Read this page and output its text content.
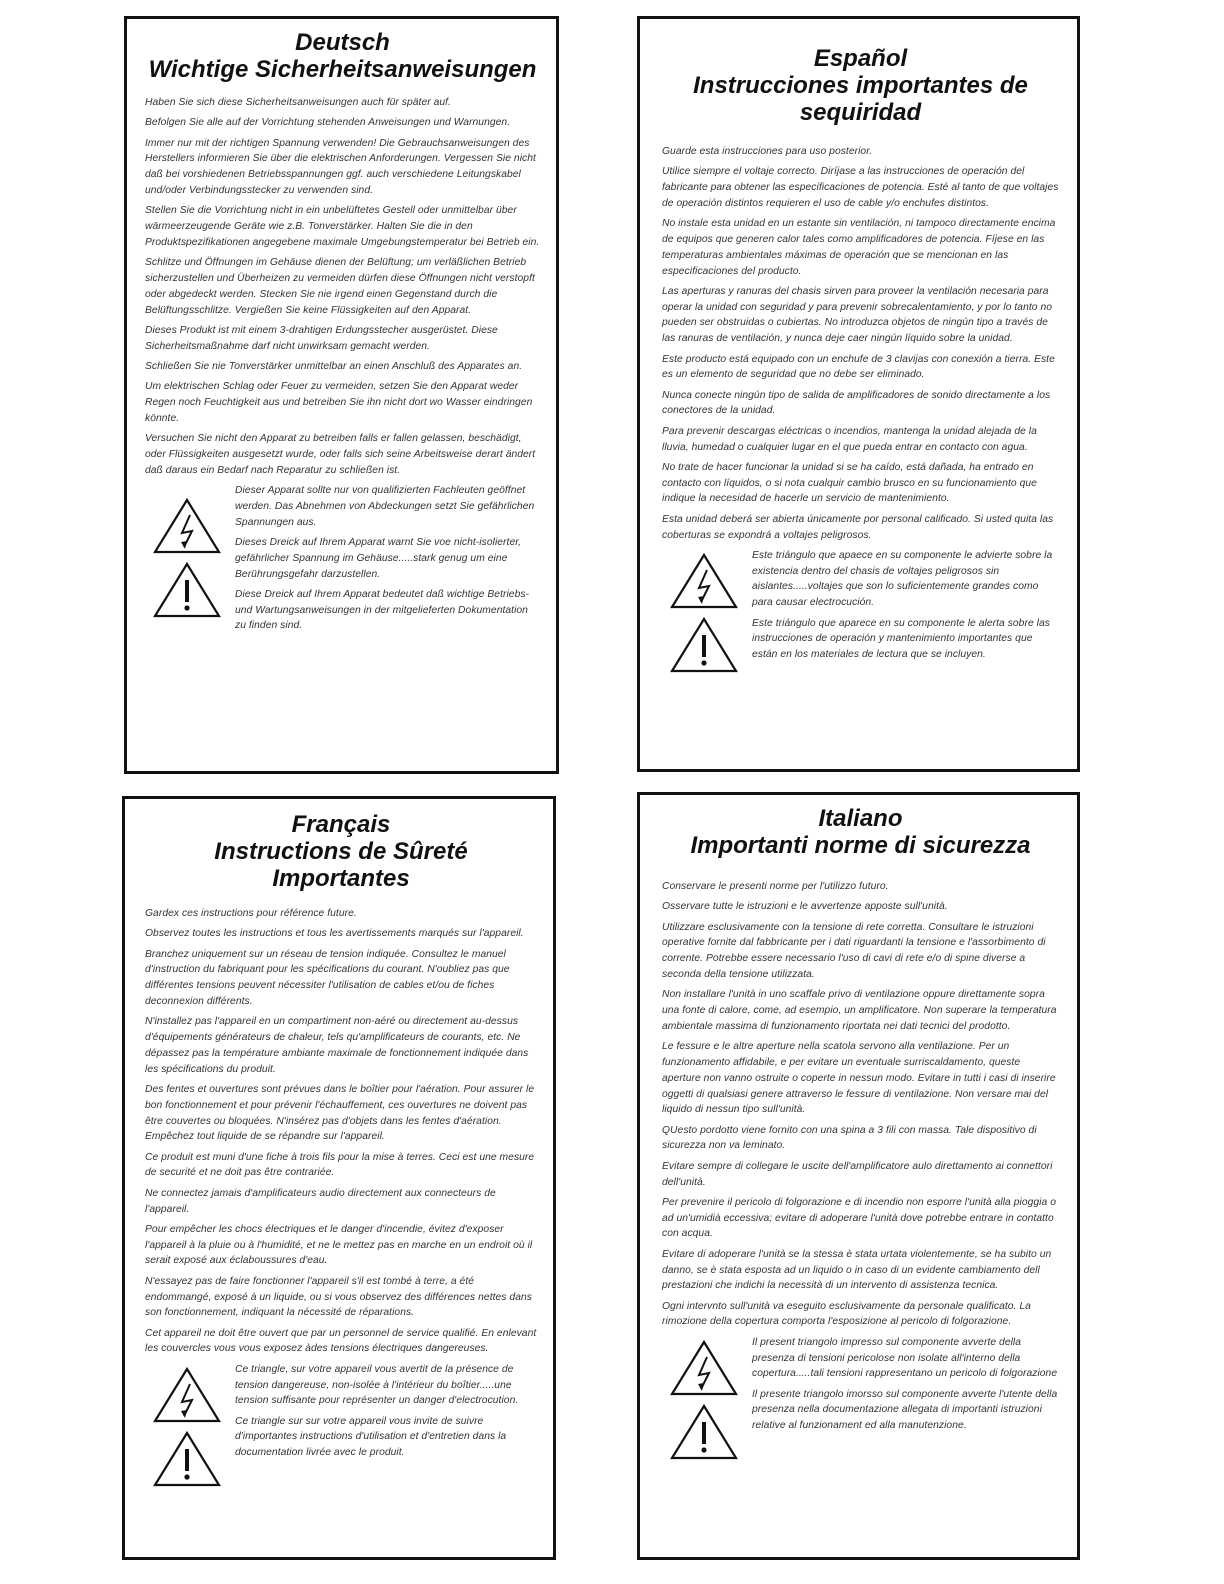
Deutsch
Wichtige Sicherheitsanweisungen

Haben Sie sich diese Sicherheitsanweisungen auch für später auf.

Befolgen Sie alle auf der Vorrichtung stehenden Anweisungen und Warnungen.

Immer nur mit der richtigen Spannung verwenden! Die Gebrauchsanweisungen des Herstellers informieren Sie über die elektrischen Anforderungen. Vergessen Sie nicht daß bei vorshiedenen Betriebsspannungen ggf. auch verschiedene Leitungskabel und/oder Verbindungsstecker zu verwenden sind.

Stellen Sie die Vorrichtung nicht in ein unbelüftetes Gestell oder unmittelbar über wärmeerzeugende Geräte wie z.B. Tonverstärker. Halten Sie die in den Produktspezifikationen angegebene maximale Umgebungstemperatur bei Betrieb ein.

Schlitze und Öffnungen im Gehäuse dienen der Belüftung; um verläßlichen Betrieb sicherzustellen und Überheizen zu vermeiden dürfen diese Öffnungen nicht verstopft oder abgedeckt werden. Stecken Sie nie irgend einen Gegenstand durch die Belüftungsschlitze. Vergießen Sie keine Flüssigkeiten auf den Apparat.

Dieses Produkt ist mit einem 3-drahtigen Erdungsstecher ausgerüstet. Diese Sicherheitsmaßnahme darf nicht unwirksam gemacht werden.

Schließen Sie nie Tonverstärker unmittelbar an einen Anschluß des Apparates an.

Um elektrischen Schlag oder Feuer zu vermeiden, setzen Sie den Apparat weder Regen noch Feuchtigkeit aus und betreiben Sie ihn nicht dort wo Wasser eindringen könnte.

Versuchen Sie nicht den Apparat zu betreiben falls er fallen gelassen, beschädigt, oder Flüssigkeiten ausgesetzt wurde, oder falls sich seine Arbeitsweise derart ändert daß daraus ein Bedarf nach Reparatur zu schließen ist.

Dieser Apparat sollte nur von qualifizierten Fachleuten geöffnet werden. Das Abnehmen von Abdeckungen setzt Sie gefährlichen Spannungen aus.

Dieses Dreick auf Ihrem Apparat warnt Sie voe nicht-isolierter, gefährlicher Spannung im Gehäuse.....stark genug um eine Berührungsgefahr darzustellen.

Diese Dreick auf Ihrem Apparat bedeutet daß wichtige Betriebs- und Wartungsanweisungen in der mitgelieferten Dokumentation zu finden sind.

Español
Instrucciones importantes de sequiridad

Guarde esta instrucciones para uso posterior.

Utilice siempre el voltaje correcto. Diríjase a las instrucciones de operación del fabricante para obtener las especificaciones de potencia. Esté al tanto de que voltajes de operación distintos requieren el uso de cable y/o enchufes distintos.

No instale esta unidad en un estante sin ventilación, ni tampoco directamente encima de equipos que generen calor tales como amplificadores de potencia. Fíjese en las temperaturas ambientales máximas de operación que se mencionan en las especificaciones del producto.

Las aperturas y ranuras del chasis sirven para proveer la ventilación necesaria para operar la unidad con seguridad y para prevenir sobrecalentamiento, y por lo tanto no pueden ser obstruidas o cubiertas. No introduzca objetos de ningún tipo a través de las ranuras de ventilación, y nunca deje caer ningún líquido sobre la unidad.

Este producto está equipado con un enchufe de 3 clavijas con conexión a tierra. Este es un elemento de seguridad que no debe ser eliminado.

Nunca conecte ningún tipo de salida de amplificadores de sonido directamente a los conectores de la unidad.

Para prevenir descargas eléctricas o incendios, mantenga la unidad alejada de la lluvia, humedad o cualquier lugar en el que pueda entrar en contacto con agua.

No trate de hacer funcionar la unidad si se ha caído, está dañada, ha entrado en contacto con líquidos, o si nota cualquir cambio brusco en su funcionamiento que indique la necesidad de hacerle un servicio de mantenimiento.

Esta unidad deberá ser abierta únicamente por personal calificado. Si usted quita las coberturas se expondrá a voltajes peligrosos.

Este triángulo que apaece en su componente le advierte sobre la existencia dentro del chasis de voltajes peligrosos sin aislantes.....voltajes que son lo suficientemente grandes como para causar electrocución.

Este triángulo que aparece en su componente le alerta sobre las instrucciones de operación y mantenimiento importantes que están en los materiales de lectura que se incluyen.

Français
Instructions de Sûreté Importantes

Gardex ces instructions pour référence future.

Observez toutes les instructions et tous les avertissements marqués sur l'appareil.

Branchez uniquement sur un réseau de tension indiquée. Consultez le manuel d'instruction du fabriquant pour les spécifications du courant. N'oubliez pas que différentes tensions peuvent nécessiter l'utilisation de cables et/ou de fiches deconnexion différents.

N'installez pas l'appareil en un compartiment non-aéré ou directement au-dessus d'équipements générateurs de chaleur, tels qu'amplificateurs de courants, etc. Ne dépassez pas la température ambiante maximale de fonctionnement indiquée dans les spécifications du produit.

Des fentes et ouvertures sont prévues dans le boîtier pour l'aération. Pour assurer le bon fonctionnement et pour prévenir l'échauffement, ces ouvertures ne doivent pas être couvertes ou bloquées. N'insérez pas d'objets dans les fentes d'aération. Empêchez tout liquide de se répandre sur l'appareil.

Ce produit est muni d'une fiche à trois fils pour la mise à terres. Ceci est une mesure de securité et ne doit pas être contrariée.

Ne connectez jamais d'amplificateurs audio directement aux connecteurs de l'appareil.

Pour empêcher les chocs électriques et le danger d'incendie, évitez d'exposer l'appareil à la pluie ou à l'humidité, et ne le mettez pas en marche en un endroit où il serait exposé aux éclaboussures d'eau.

N'essayez pas de faire fonctionner l'appareil s'il est tombé à terre, a été endommangé, exposé à un liquide, ou si vous observez des différences nettes dans son fonctionnement, indiquant la nécessité de réparations.

Cet appareil ne doit être ouvert que par un personnel de service qualifié. En enlevant les couvercles vous vous exposez àdes tensions électriques dangereuses.

Ce triangle, sur votre appareil vous avertit de la présence de tension dangereuse, non-isolée à l'intérieur du boîtier.....une tension suffisante pour représenter un danger d'electrocution.

Ce triangle sur sur votre appareil vous invite de suivre d'importantes instructions d'utilisation et d'entretien dans la documentation livrée avec le produit.

Italiano
Importanti norme di sicurezza

Conservare le presenti norme per l'utilizzo futuro.

Osservare tutte le istruzioni e le avvertenze apposte sull'unità.

Utilizzare esclusivamente con la tensione di rete corretta. Consultare le istruzioni operative fornite dal fabbricante per i dati riguardanti la tensione e l'assorbimento di corrente. Potrebbe essere necessario l'uso di cavi di rete e/o di spine diverse a seconda della tensione utilizzata.

Non installare l'unità in uno scaffale privo di ventilazione oppure direttamente sopra una fonte di calore, come, ad esempio, un amplificatore. Non superare la temperatura ambientale massima di funzionamento riportata nei dati tecnici del prodotto.

Le fessure e le altre aperture nella scatola servono alla ventilazione. Per un funzionamento affidabile, e per evitare un eventuale surriscaldamento, queste aperture non vanno ostruite o coperte in nessun modo. Evitare in tutti i casi di inserire oggetti di qualsiasi genere attraverso le fessure di ventilazione. Non versare mai del liquido di nessun tipo sull'unità.

QUesto pordotto viene fornito con una spina a 3 fili con massa. Tale dispositivo di sicurezza non va leminato.

Evitare sempre di collegare le uscite dell'amplificatore aulo direttamento ai connettori dell'unità.

Per prevenire il pericolo di folgorazione e di incendio non esporre l'unità alla pioggia o ad un'umidià eccessiva; evitare di adoperare l'unità dove potrebbe entrare in contatto con acqua.

Evitare di adoperare l'unità se la stessa è stata urtata violentemente, se ha subito un danno, se è stata esposta ad un liquido o in caso di un evidente cambiamento dell prestazioni che indichi la necessità di un intervento di assistenza tecnica.

Ogni intervnto sull'unità va eseguito esclusivamente da personale qualificato. La rimozione della copertura comporta l'esposizione al pericolo di folgorazione.

Il present triangolo impresso sul componente avverte della presenza di tensioni pericolose non isolate all'interno della copertura.....tali tensioni rappresentano un pericolo di folgorazione

Il presente triangolo imorsso sul componente avverte l'utente della presenza nella documentazione allegata di importanti istruzioni relative al funzionament ed alla manutenzione.
